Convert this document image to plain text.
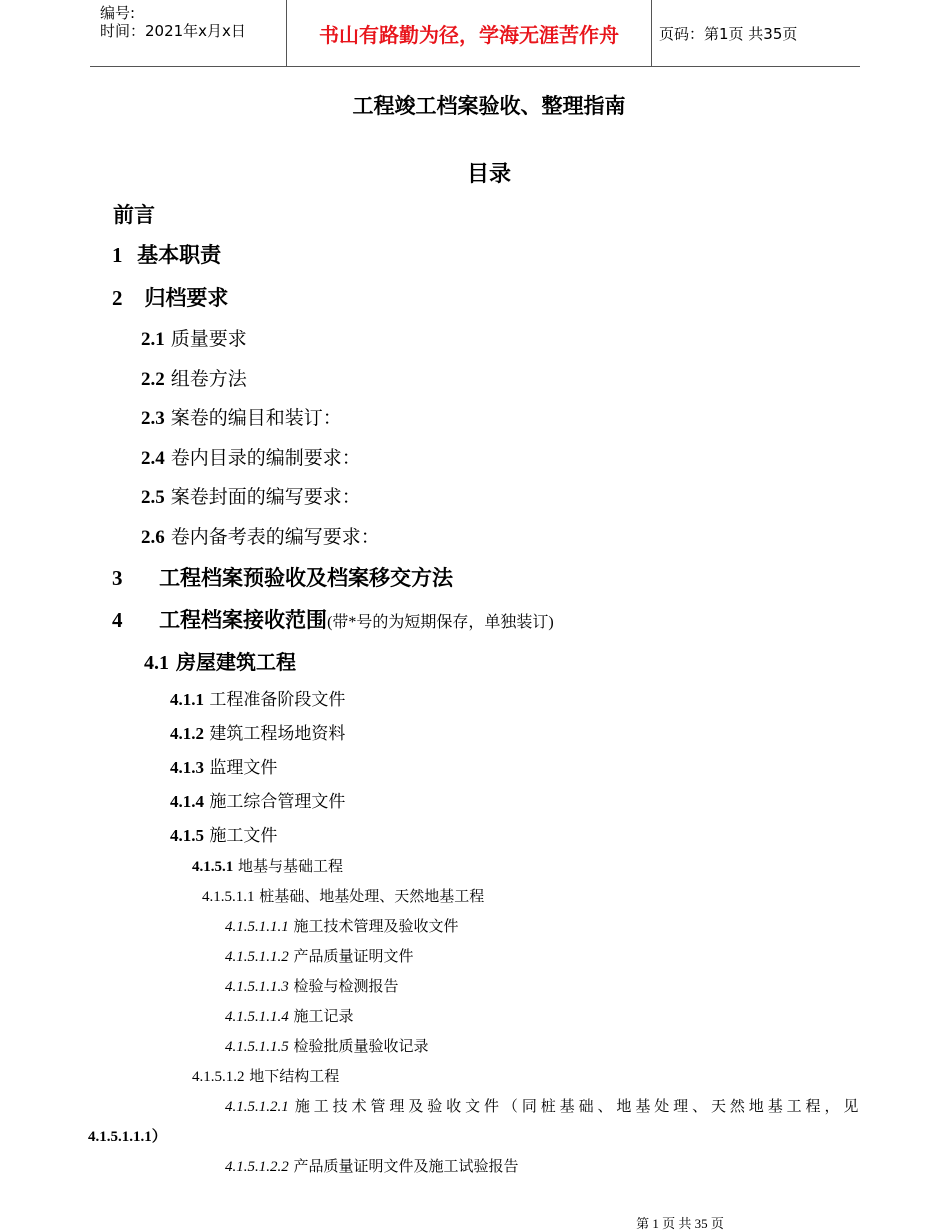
编号:
时间：2021年x月x日	书山有路勤为径，学海无涯苦作舟	页码：第1页 共35页
工程竣工档案验收、整理指南
目录
前言
1 基本职责
2 归档要求
2.1 质量要求
2.2 组卷方法
2.3 案卷的编目和装订：
2.4 卷内目录的编制要求：
2.5 案卷封面的编写要求：
2.6 卷内备考表的编写要求：
3 工程档案预验收及档案移交方法
4 工程档案接收范围(带*号的为短期保存，单独装订)
4.1 房屋建筑工程
4.1.1 工程准备阶段文件
4.1.2 建筑工程场地资料
4.1.3 监理文件
4.1.4 施工综合管理文件
4.1.5 施工文件
4.1.5.1 地基与基础工程
4.1.5.1.1 桩基础、地基处理、天然地基工程
4.1.5.1.1.1 施工技术管理及验收文件
4.1.5.1.1.2 产品质量证明文件
4.1.5.1.1.3 检验与检测报告
4.1.5.1.1.4 施工记录
4.1.5.1.1.5 检验批质量验收记录
4.1.5.1.2 地下结构工程
4.1.5.1.2.1 施工技术管理及验收文件（同桩基础、地基处理、天然地基工程，见
4.1.5.1.1.1）
4.1.5.1.2.2 产品质量证明文件及施工试验报告
第 1 页 共 35 页
